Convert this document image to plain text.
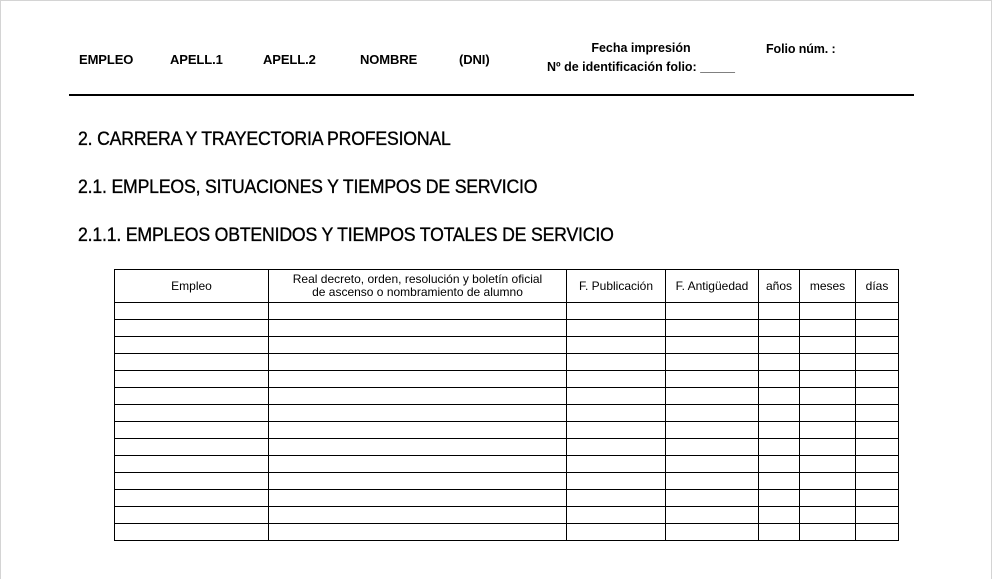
EMPLEO	APELL.1	APELL.2	NOMBRE	(DNI)
Fecha impresión
Nº de identificación folio: _____
Folio núm. :
2. CARRERA Y TRAYECTORIA PROFESIONAL
2.1. EMPLEOS, SITUACIONES Y TIEMPOS DE SERVICIO
2.1.1. EMPLEOS OBTENIDOS Y TIEMPOS TOTALES DE SERVICIO
Empleo	Real decreto, orden, resolución y boletín oficial de ascenso o nombramiento de alumno	F. Publicación	F. Antigüedad	años	meses	días
